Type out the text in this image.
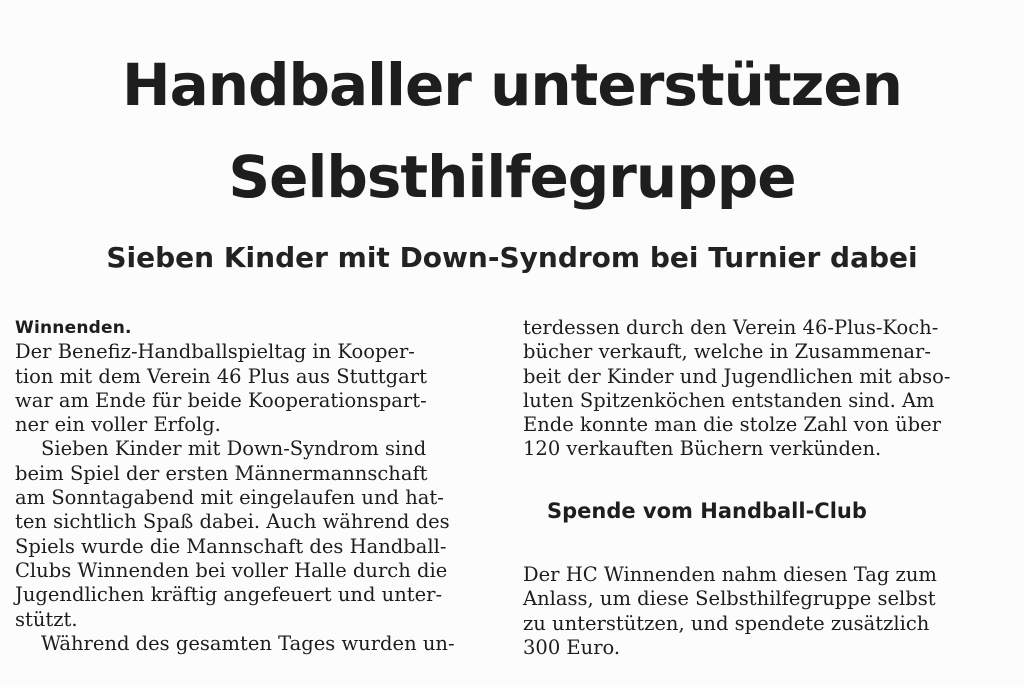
Handballer unterstützen
Selbsthilfegruppe
Sieben Kinder mit Down-Syndrom bei Turnier dabei
Winnenden.
Der Benefiz-Handballspieltag in Kooper-
tion mit dem Verein 46 Plus aus Stuttgart
war am Ende für beide Kooperationspart-
ner ein voller Erfolg.
Sieben Kinder mit Down-Syndrom sind
beim Spiel der ersten Männermannschaft
am Sonntagabend mit eingelaufen und hat-
ten sichtlich Spaß dabei. Auch während des
Spiels wurde die Mannschaft des Handball-
Clubs Winnenden bei voller Halle durch die
Jugendlichen kräftig angefeuert und unter-
stützt.
Während des gesamten Tages wurden un-
terdessen durch den Verein 46-Plus-Koch-
bücher verkauft, welche in Zusammenar-
beit der Kinder und Jugendlichen mit abso-
luten Spitzenköchen entstanden sind. Am
Ende konnte man die stolze Zahl von über
120 verkauften Büchern verkünden.
Spende vom Handball-Club
Der HC Winnenden nahm diesen Tag zum
Anlass, um diese Selbsthilfegruppe selbst
zu unterstützen, und spendete zusätzlich
300 Euro.
